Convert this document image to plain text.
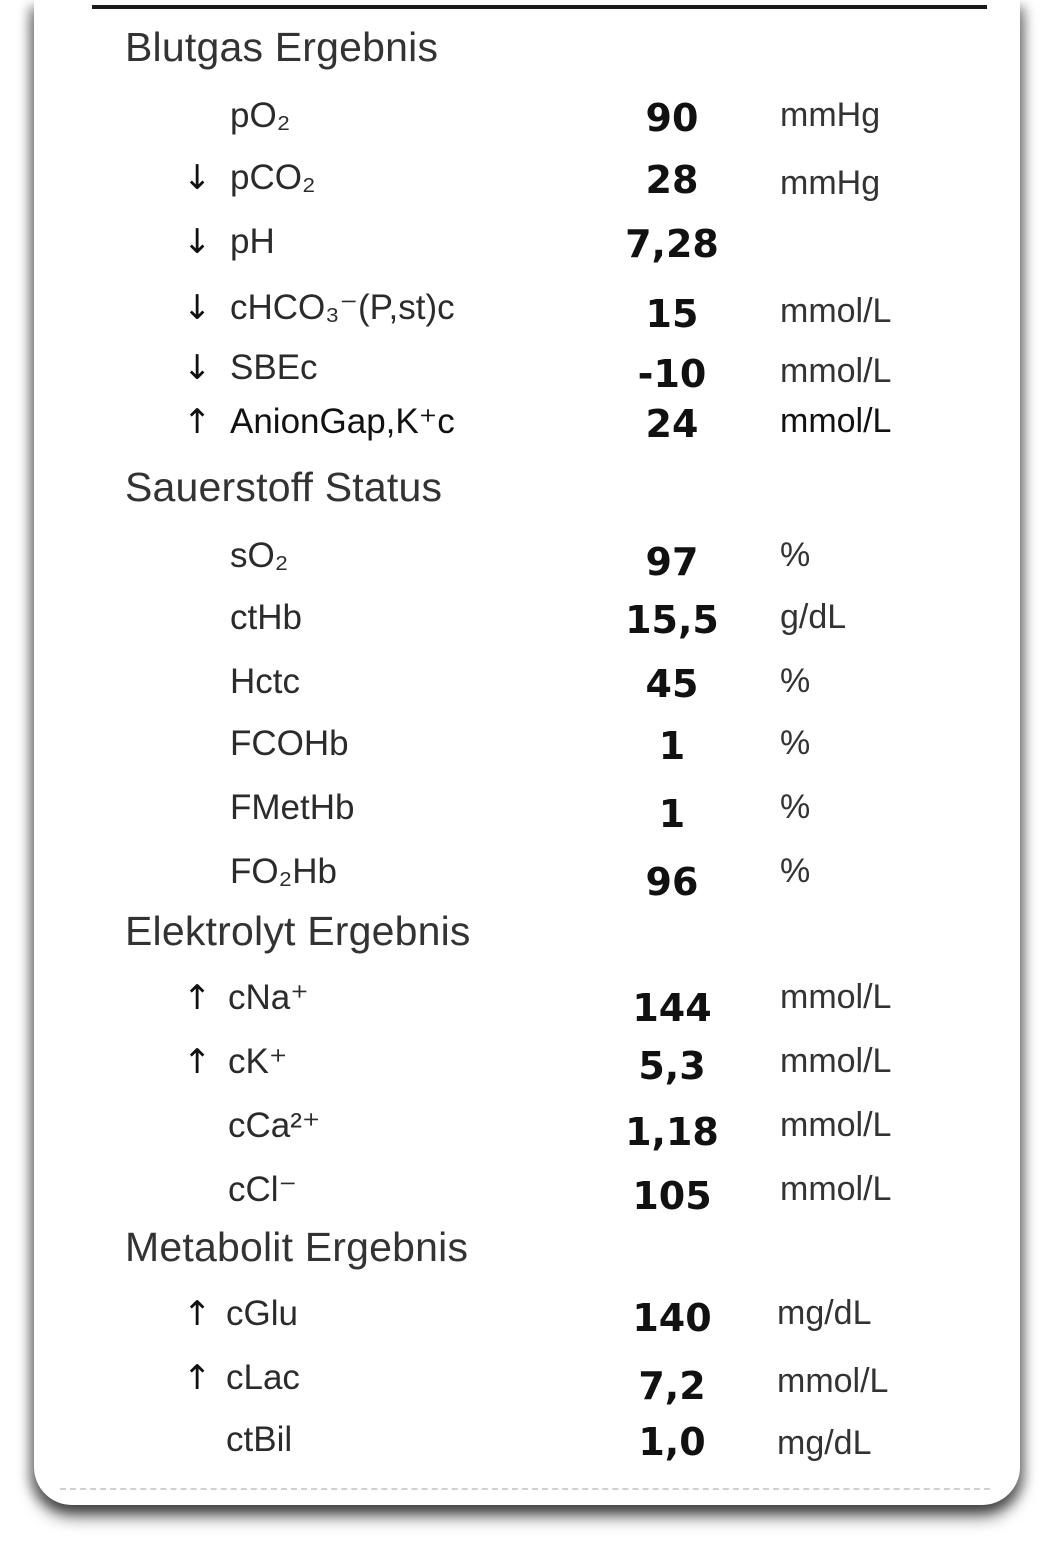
Blutgas Ergebnis
Sauerstoff Status
Elektrolyt Ergebnis
Metabolit Ergebnis
pO₂	90	mmHg
↓ pCO₂	28	mmHg
↓ pH	7,28
↓ cHCO₃⁻(P,st)c	15	mmol/L
↓ SBEc	-10	mmol/L
↑ AnionGap,K⁺c	24	mmol/L
sO₂	97	%
ctHb	15,5	g/dL
Hctc	45	%
FCOHb	1	%
FMetHb	1	%
FO₂Hb	96	%
↑ cNa⁺	144	mmol/L
↑ cK⁺	5,3	mmol/L
cCa²⁺	1,18	mmol/L
cCl⁻	105	mmol/L
↑ cGlu	140	mg/dL
↑ cLac	7,2	mmol/L
ctBil	1,0	mg/dL
